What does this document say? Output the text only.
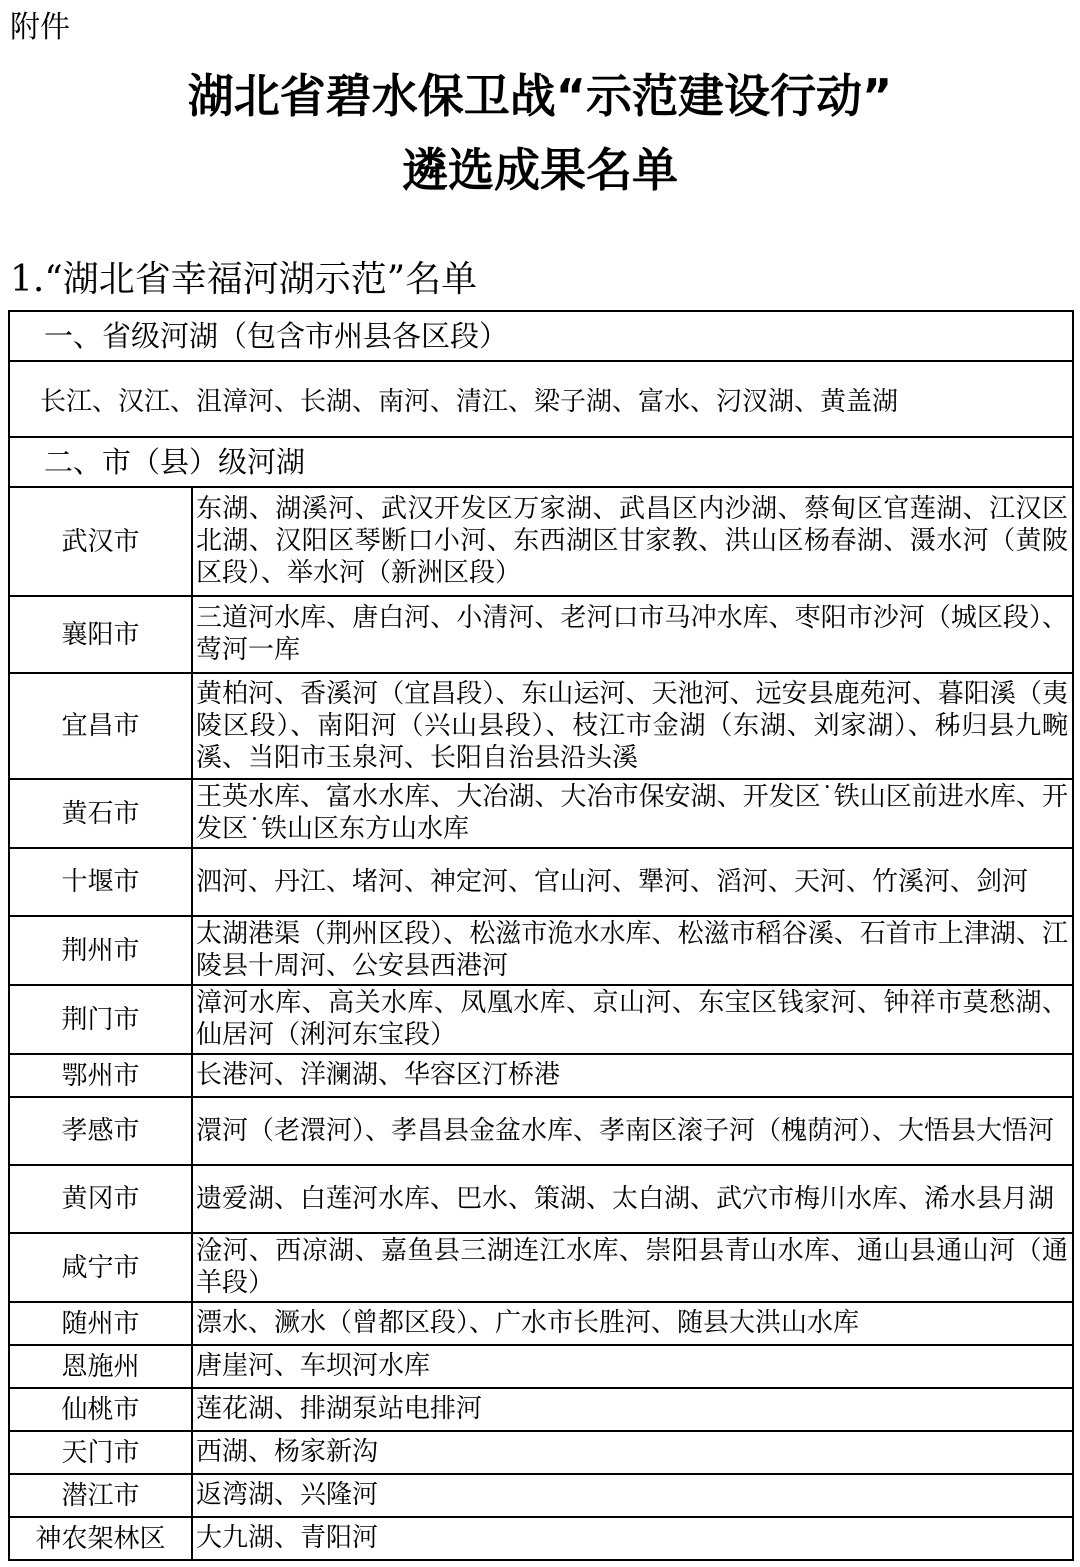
附件
湖北省碧水保卫战“示范建设行动”
遴选成果名单
1.“湖北省幸福河湖示范”名单
一、省级河湖（包含市州县各区段）	
长江、汉江、沮漳河、长湖、南河、清江、梁子湖、富水、汈汊湖、黄盖湖	
二、市（县）级河湖	
武汉市	东湖、湖溪河、武汉开发区万家湖、武昌区内沙湖、蔡甸区官莲湖、江汉区北湖、汉阳区琴断口小河、东西湖区甘家教、洪山区杨春湖、滠水河（黄陂区段）、举水河（新洲区段）
襄阳市	三道河水库、唐白河、小清河、老河口市马冲水库、枣阳市沙河（城区段）、莺河一库
宜昌市	黄柏河、香溪河（宜昌段）、东山运河、天池河、远安县鹿苑河、暮阳溪（夷陵区段）、南阳河（兴山县段）、枝江市金湖（东湖、刘家湖）、秭归县九畹溪、当阳市玉泉河、长阳自治县沿头溪
黄石市	王英水库、富水水库、大冶湖、大冶市保安湖、开发区˙铁山区前进水库、开发区˙铁山区东方山水库
十堰市	泗河、丹江、堵河、神定河、官山河、犟河、滔河、天河、竹溪河、剑河
荆州市	太湖港渠（荆州区段）、松滋市洈水水库、松滋市稻谷溪、石首市上津湖、江陵县十周河、公安县西港河
荆门市	漳河水库、高关水库、凤凰水库、京山河、东宝区钱家河、钟祥市莫愁湖、仙居河（浰河东宝段）
鄂州市	长港河、洋澜湖、华容区汀桥港
孝感市	澴河（老澴河）、孝昌县金盆水库、孝南区滚子河（槐荫河）、大悟县大悟河
黄冈市	遗爱湖、白莲河水库、巴水、策湖、太白湖、武穴市梅川水库、浠水县月湖
咸宁市	淦河、西凉湖、嘉鱼县三湖连江水库、崇阳县青山水库、通山县通山河（通羊段）
随州市	漂水、㵐水（曾都区段）、广水市长胜河、随县大洪山水库
恩施州	唐崖河、车坝河水库
仙桃市	莲花湖、排湖泵站电排河
天门市	西湖、杨家新沟
潜江市	返湾湖、兴隆河
神农架林区	大九湖、青阳河
